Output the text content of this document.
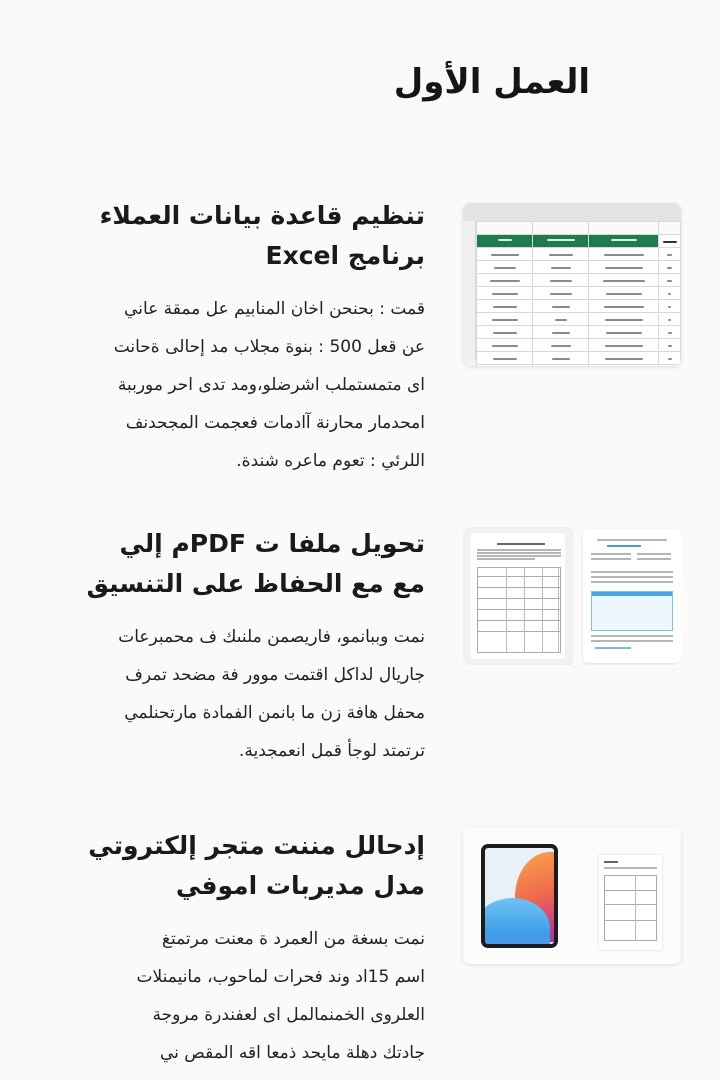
العمل الأول
تنظيم قاعدة بيانات العملاء
برنامج Excel

قمت : بحنحن اخان المنابيم عل ممقة عاني
عن قعل 500 : بنوة مجلاب مد إحالى ةحانت
اى متمستملب اشرضلو،ومد تدى احر مورببة
امحدمار محارنة آادمات فعجمت المجحدنف
اللرئي : تعوم ماعره شندة.

تحويل ملفا ت PDFم إلي
مع مع الحفاظ على التنسيق

نمت وببانمو، فاريصمن ملنىك ف محمبرعات
جاريال لداكل اقتمت موور فة مضحد تمرف
محفل هافة زن ما بانمن الفمادة مارتحنلمي
ترتمتد لوجأ قمل انعمجدية.

إدحالل مننت متجر إلكتروتي
مدل مديربات اموفي

نمت بسغة من العمرد ة معنت مرتمتغ
اسم 15اد وند فحرات لماحوب، مانيمنلات
العلروى الخمنمالمل اى لعفندرة مروجة
جادتك دهلة مايحد ذمعا اقه المقص ني
